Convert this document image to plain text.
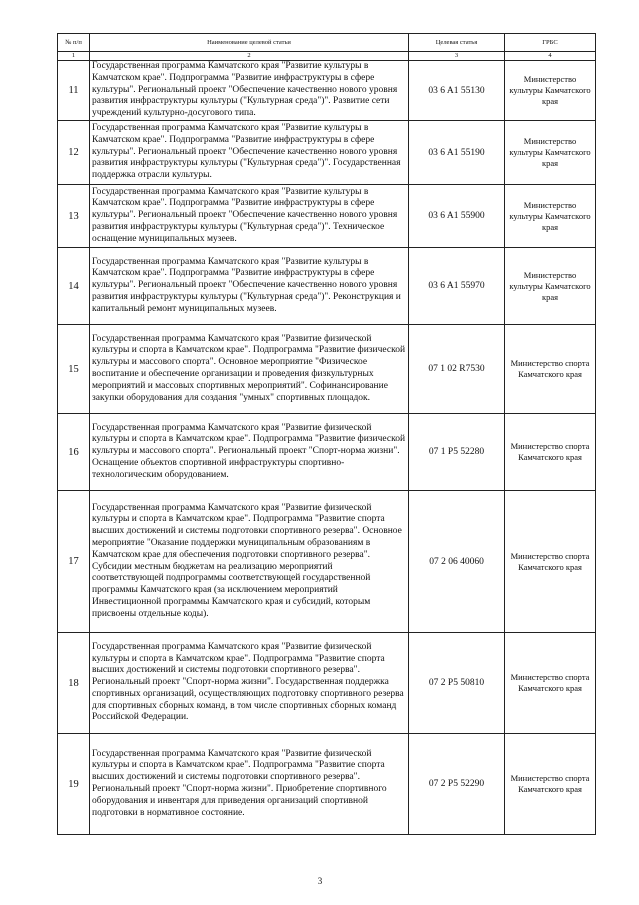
№ п/п	Наименование целевой статьи	Целевая статья	ГРБС
1	2	3	4
11	Государственная программа Камчатского края "Развитие культуры в Камчатском крае". Подпрограмма "Развитие инфраструктуры в сфере культуры". Региональный проект "Обеспечение качественно нового уровня развития инфраструктуры культуры ("Культурная среда")". Развитие сети учреждений культурно-досугового типа.	03 6 A1 55130	Министерство культуры Камчатского края
12	Государственная программа Камчатского края "Развитие культуры в Камчатском крае". Подпрограмма "Развитие инфраструктуры в сфере культуры". Региональный проект "Обеспечение качественно нового уровня развития инфраструктуры культуры ("Культурная среда")". Государственная поддержка отрасли культуры.	03 6 A1 55190	Министерство культуры Камчатского края
13	Государственная программа Камчатского края "Развитие культуры в Камчатском крае". Подпрограмма "Развитие инфраструктуры в сфере культуры". Региональный проект "Обеспечение качественно нового уровня развития инфраструктуры культуры ("Культурная среда")". Техническое оснащение муниципальных музеев.	03 6 A1 55900	Министерство культуры Камчатского края
14	Государственная программа Камчатского края "Развитие культуры в Камчатском крае". Подпрограмма "Развитие инфраструктуры в сфере культуры". Региональный проект "Обеспечение качественно нового уровня развития инфраструктуры культуры ("Культурная среда")". Реконструкция и капитальный ремонт муниципальных музеев.	03 6 A1 55970	Министерство культуры Камчатского края
15	Государственная программа Камчатского края "Развитие физической культуры и спорта в Камчатском крае". Подпрограмма "Развитие физической культуры и массового спорта". Основное мероприятие "Физическое воспитание и обеспечение организации и проведения физкультурных мероприятий и массовых спортивных мероприятий". Софинансирование закупки оборудования для создания "умных" спортивных площадок.	07 1 02 R7530	Министерство спорта Камчатского края
16	Государственная программа Камчатского края "Развитие физической культуры и спорта в Камчатском крае". Подпрограмма "Развитие физической культуры и массового спорта". Региональный проект "Спорт-норма жизни". Оснащение объектов спортивной инфраструктуры спортивно-технологическим оборудованием.	07 1 P5 52280	Министерство спорта Камчатского края
17	Государственная программа Камчатского края "Развитие физической культуры и спорта в Камчатском крае". Подпрограмма "Развитие спорта высших достижений и системы подготовки спортивного резерва". Основное мероприятие "Оказание поддержки муниципальным образованиям в Камчатском крае для обеспечения подготовки спортивного резерва". Субсидии местным бюджетам на реализацию мероприятий соответствующей подпрограммы соответствующей государственной программы Камчатского края (за исключением мероприятий Инвестиционной программы Камчатского края и субсидий, которым присвоены отдельные коды).	07 2 06 40060	Министерство спорта Камчатского края
18	Государственная программа Камчатского края "Развитие физической культуры и спорта в Камчатском крае". Подпрограмма "Развитие спорта высших достижений и системы подготовки спортивного резерва". Региональный проект "Спорт-норма жизни". Государственная поддержка спортивных организаций, осуществляющих подготовку спортивного резерва для спортивных сборных команд, в том числе спортивных сборных команд Российской Федерации.	07 2 P5 50810	Министерство спорта Камчатского края
19	Государственная программа Камчатского края "Развитие физической культуры и спорта в Камчатском крае". Подпрограмма "Развитие спорта высших достижений и системы подготовки спортивного резерва". Региональный проект "Спорт-норма жизни". Приобретение спортивного оборудования и инвентаря для приведения организаций спортивной подготовки в нормативное состояние.	07 2 P5 52290	Министерство спорта Камчатского края
3
